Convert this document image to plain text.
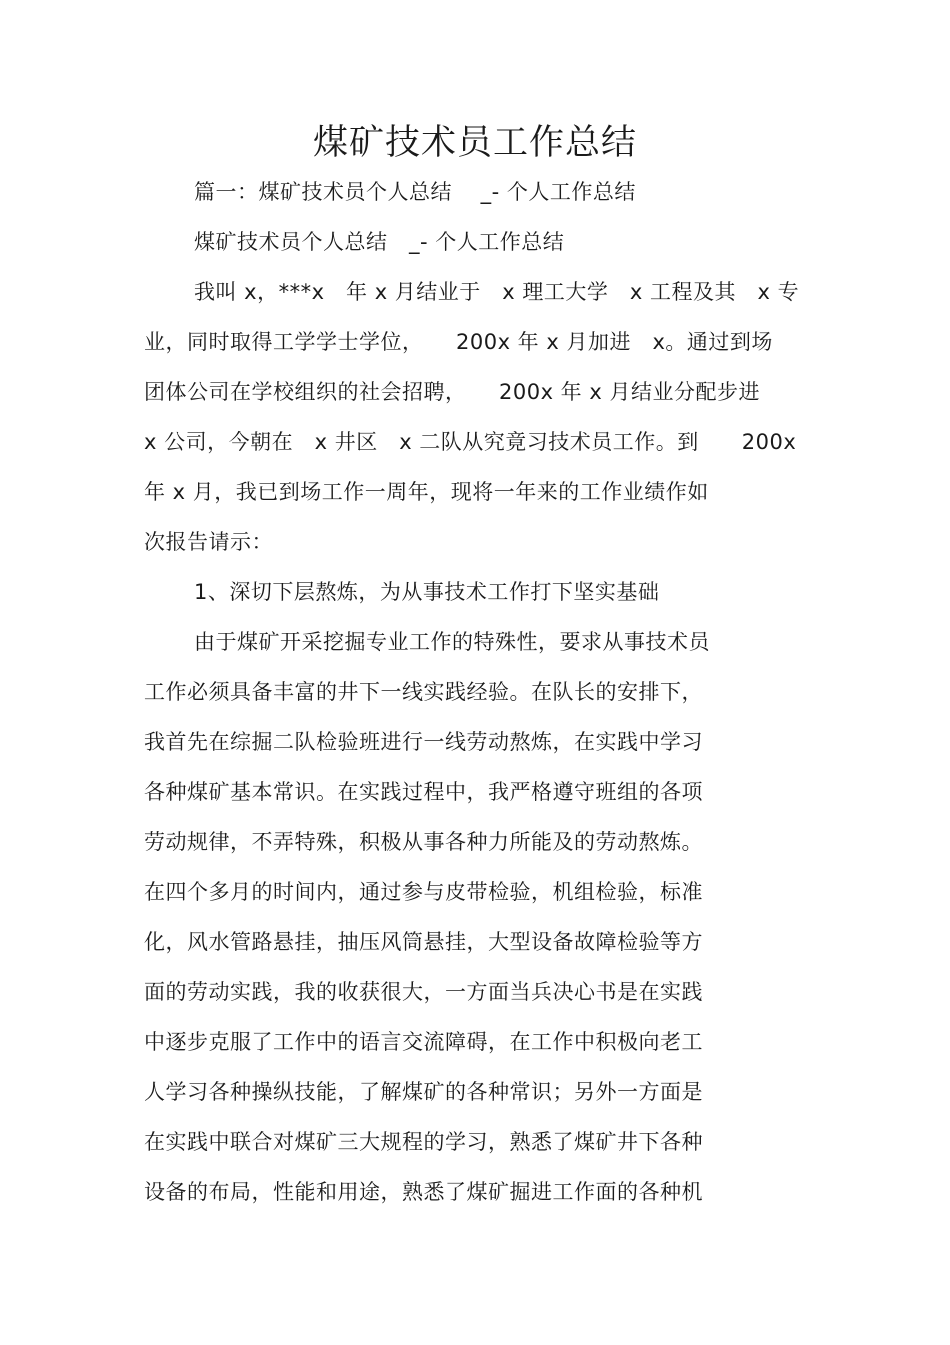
煤矿技术员工作总结
篇一：煤矿技术员个人总结　 _- 个人工作总结
煤矿技术员个人总结　_- 个人工作总结
我叫 x，***x　年 x 月结业于　x 理工大学　x 工程及其　x 专
业，同时取得工学学士学位，　　200x 年 x 月加进　x。通过到场
团体公司在学校组织的社会招聘，　　200x 年 x 月结业分配步进
x 公司，今朝在　x 井区　x 二队从究竟习技术员工作。到　　200x
年 x 月，我已到场工作一周年，现将一年来的工作业绩作如
次报告请示：
1、深切下层熬炼，为从事技术工作打下坚实基础
由于煤矿开采挖掘专业工作的特殊性，要求从事技术员
工作必须具备丰富的井下一线实践经验。在队长的安排下，
我首先在综掘二队检验班进行一线劳动熬炼，在实践中学习
各种煤矿基本常识。在实践过程中，我严格遵守班组的各项
劳动规律，不弄特殊，积极从事各种力所能及的劳动熬炼。
在四个多月的时间内，通过参与皮带检验，机组检验，标准
化，风水管路悬挂，抽压风筒悬挂，大型设备故障检验等方
面的劳动实践，我的收获很大，一方面当兵决心书是在实践
中逐步克服了工作中的语言交流障碍，在工作中积极向老工
人学习各种操纵技能，了解煤矿的各种常识；另外一方面是
在实践中联合对煤矿三大规程的学习，熟悉了煤矿井下各种
设备的布局，性能和用途，熟悉了煤矿掘进工作面的各种机
